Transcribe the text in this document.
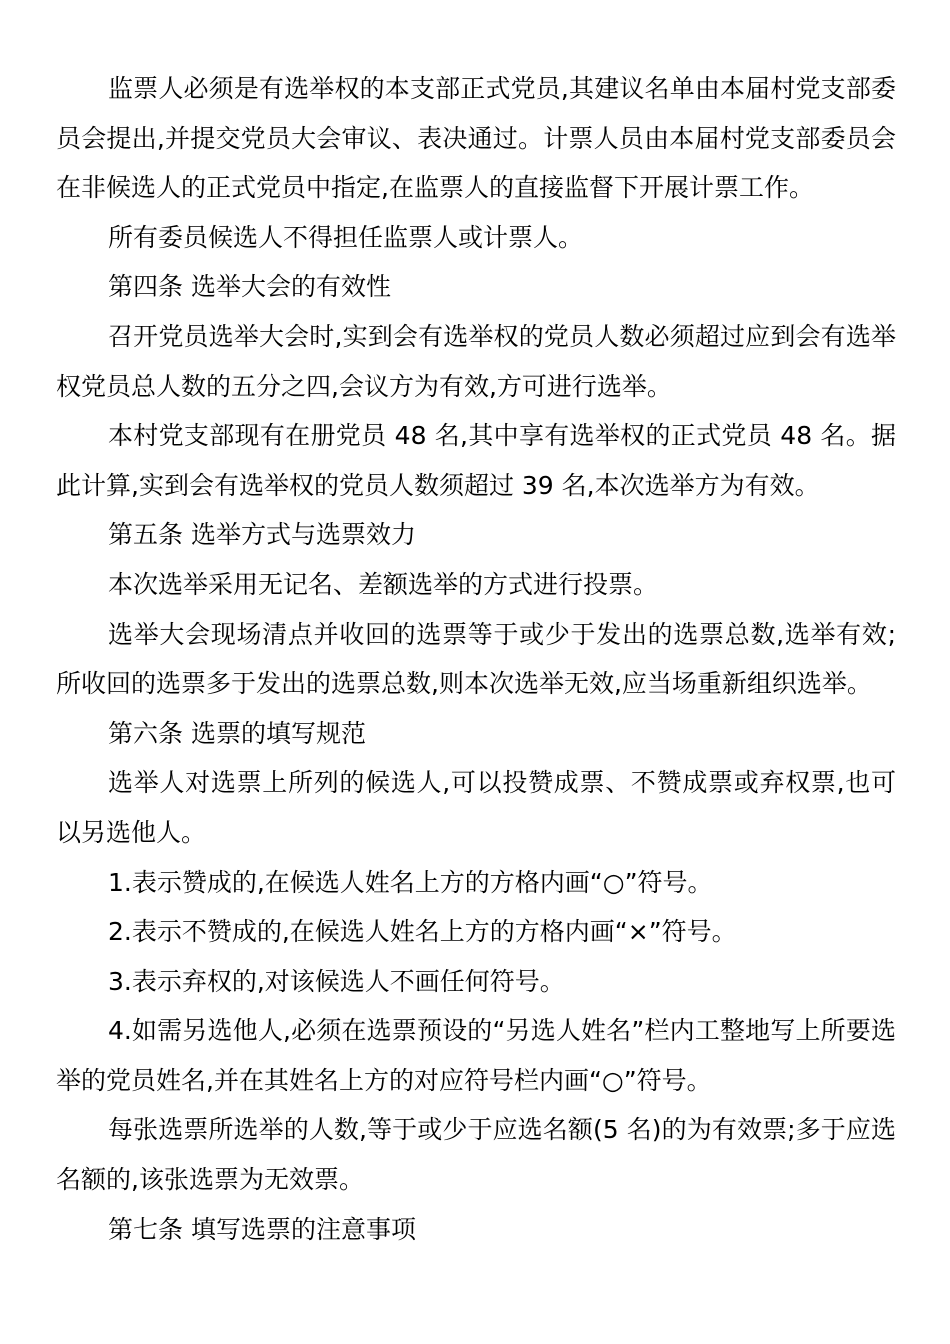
监票人必须是有选举权的本支部正式党员,其建议名单由本届村党支部委员会提出,并提交党员大会审议、表决通过。计票人员由本届村党支部委员会在非候选人的正式党员中指定,在监票人的直接监督下开展计票工作。

所有委员候选人不得担任监票人或计票人。

第四条 选举大会的有效性

召开党员选举大会时,实到会有选举权的党员人数必须超过应到会有选举权党员总人数的五分之四,会议方为有效,方可进行选举。

本村党支部现有在册党员 48 名,其中享有选举权的正式党员 48 名。据此计算,实到会有选举权的党员人数须超过 39 名,本次选举方为有效。

第五条 选举方式与选票效力

本次选举采用无记名、差额选举的方式进行投票。

选举大会现场清点并收回的选票等于或少于发出的选票总数,选举有效;所收回的选票多于发出的选票总数,则本次选举无效,应当场重新组织选举。

第六条 选票的填写规范

选举人对选票上所列的候选人,可以投赞成票、不赞成票或弃权票,也可以另选他人。

1.表示赞成的,在候选人姓名上方的方格内画“○”符号。

2.表示不赞成的,在候选人姓名上方的方格内画“×”符号。

3.表示弃权的,对该候选人不画任何符号。

4.如需另选他人,必须在选票预设的“另选人姓名”栏内工整地写上所要选举的党员姓名,并在其姓名上方的对应符号栏内画“○”符号。

每张选票所选举的人数,等于或少于应选名额(5 名)的为有效票;多于应选名额的,该张选票为无效票。

第七条 填写选票的注意事项
